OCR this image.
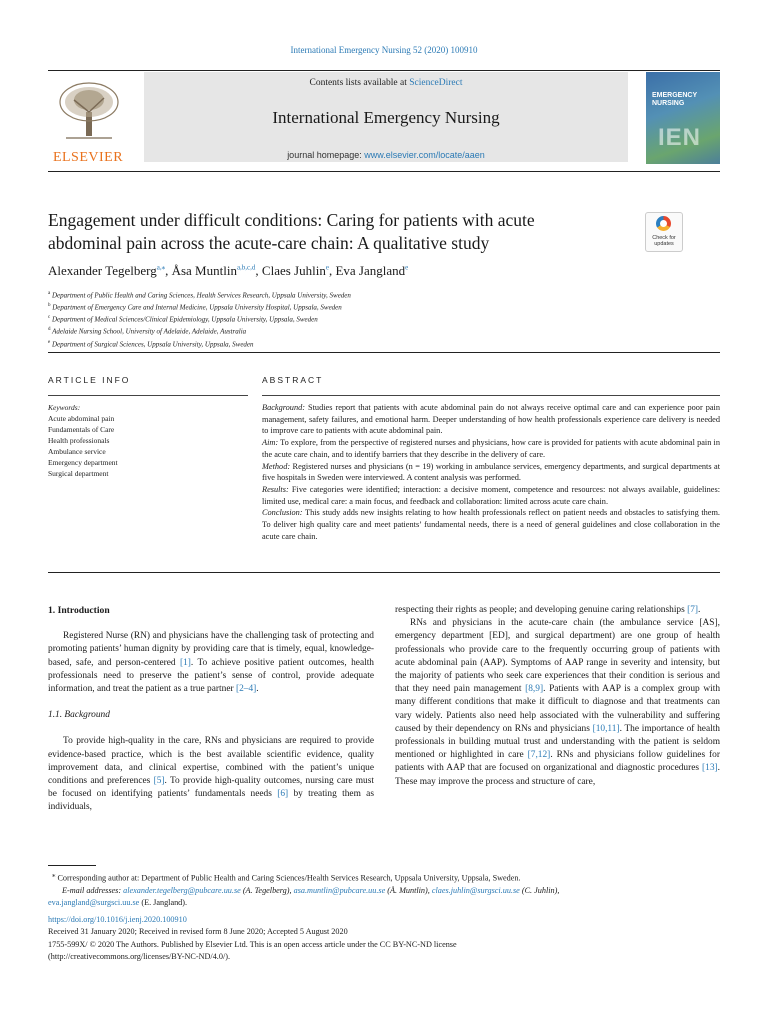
International Emergency Nursing 52 (2020) 100910
ELSEVIER
Contents lists available at ScienceDirect
International Emergency Nursing
journal homepage: www.elsevier.com/locate/aaen
EMERGENCY
NURSING
IEN
Engagement under difficult conditions: Caring for patients with acute
abdominal pain across the acute-care chain: A qualitative study	Check for updates
Alexander Tegelberg$^{a,⁎}$, Åsa Muntlin$^{a,b,c,d}$, Claes Juhlin$^e$, Eva Jangland$^e$
$^a$ Department of Public Health and Caring Sciences, Health Services Research, Uppsala University, Sweden
$^b$ Department of Emergency Care and Internal Medicine, Uppsala University Hospital, Uppsala, Sweden
$^c$ Department of Medical Sciences/Clinical Epidemiology, Uppsala University, Uppsala, Sweden
$^d$ Adelaide Nursing School, University of Adelaide, Adelaide, Australia
$^e$ Department of Surgical Sciences, Uppsala University, Uppsala, Sweden
ARTICLE INFO	ABSTRACT
Keywords:
Acute abdominal pain
Fundamentals of Care
Health professionals
Ambulance service
Emergency department
Surgical department

Background: Studies report that patients with acute abdominal pain do not always receive optimal care and can experience poor pain management, safety failures, and emotional harm. Deeper understanding of how health professionals experience care delivery is needed to improve care to patients with acute abdominal pain.

Aim: To explore, from the perspective of registered nurses and physicians, how care is provided for patients with acute abdominal pain in the acute care chain, and to identify barriers that they describe in the delivery of care.

Method: Registered nurses and physicians (n = 19) working in ambulance services, emergency departments, and surgical departments at five hospitals in Sweden were interviewed. A content analysis was performed.

Results: Five categories were identified; interaction: a decisive moment, competence and resources: not always available, guidelines: limited use, medical care: a main focus, and feedback and collaboration: limited across acute care chain.

Conclusion: This study adds new insights relating to how health professionals reflect on patient needs and obstacles to satisfying them. To deliver high quality care and meet patients’ fundamental needs, there is a need of general guidelines and close collaboration in the acute care chain.

1. Introduction

Registered Nurse (RN) and physicians have the challenging task of protecting and promoting patients’ human dignity by providing care that is timely, equal, knowledge-based, safe, and person-centered [1]. To achieve positive patient outcomes, health professionals need to preserve the patient’s sense of control, provide adequate information, and treat the patient as a true partner [2–4].

1.1. Background

To provide high-quality in the care, RNs and physicians are required to provide evidence-based practice, which is the best available scientific evidence, quality improvement data, and clinical expertise, combined with the patient’s unique conditions and preferences [5]. To provide high-quality outcomes, nursing care must be focused on identifying patients’ fundamentals needs [6] by treating them as individuals,

respecting their rights as people; and developing genuine caring relationships [7].

RNs and physicians in the acute-care chain (the ambulance service [AS], emergency department [ED], and surgical department) are one group of health professionals who provide care to the frequently occurring group of patients with acute abdominal pain (AAP). Symptoms of AAP range in severity and intensity, but the majority of patients who seek care experiences that their condition is serious and that they need pain management [8,9]. Patients with AAP is a complex group with many different conditions that make it difficult to diagnose and that treatments can vary widely. Patients also need help associated with the vulnerability and suffering caused by their dependency on RNs and physicians [10,11]. The importance of health professionals in building mutual trust and understanding with the patient is seldom mentioned or highlighted in care [7,12]. RNs and physicians follow guidelines for patients with AAP that are focused on organizational and diagnostic procedures [13]. These may improve the process and structure of care,

⁎ Corresponding author at: Department of Public Health and Caring Sciences/Health Services Research, Uppsala University, Uppsala, Sweden.

E-mail addresses: alexander.tegelberg@pubcare.uu.se (A. Tegelberg), asa.muntlin@pubcare.uu.se (Å. Muntlin), claes.juhlin@surgsci.uu.se (C. Juhlin),

eva.jangland@surgsci.uu.se (E. Jangland).

https://doi.org/10.1016/j.ienj.2020.100910

Received 31 January 2020; Received in revised form 8 June 2020; Accepted 5 August 2020

1755-599X/ © 2020 The Authors. Published by Elsevier Ltd. This is an open access article under the CC BY-NC-ND license

(http://creativecommons.org/licenses/BY-NC-ND/4.0/).
